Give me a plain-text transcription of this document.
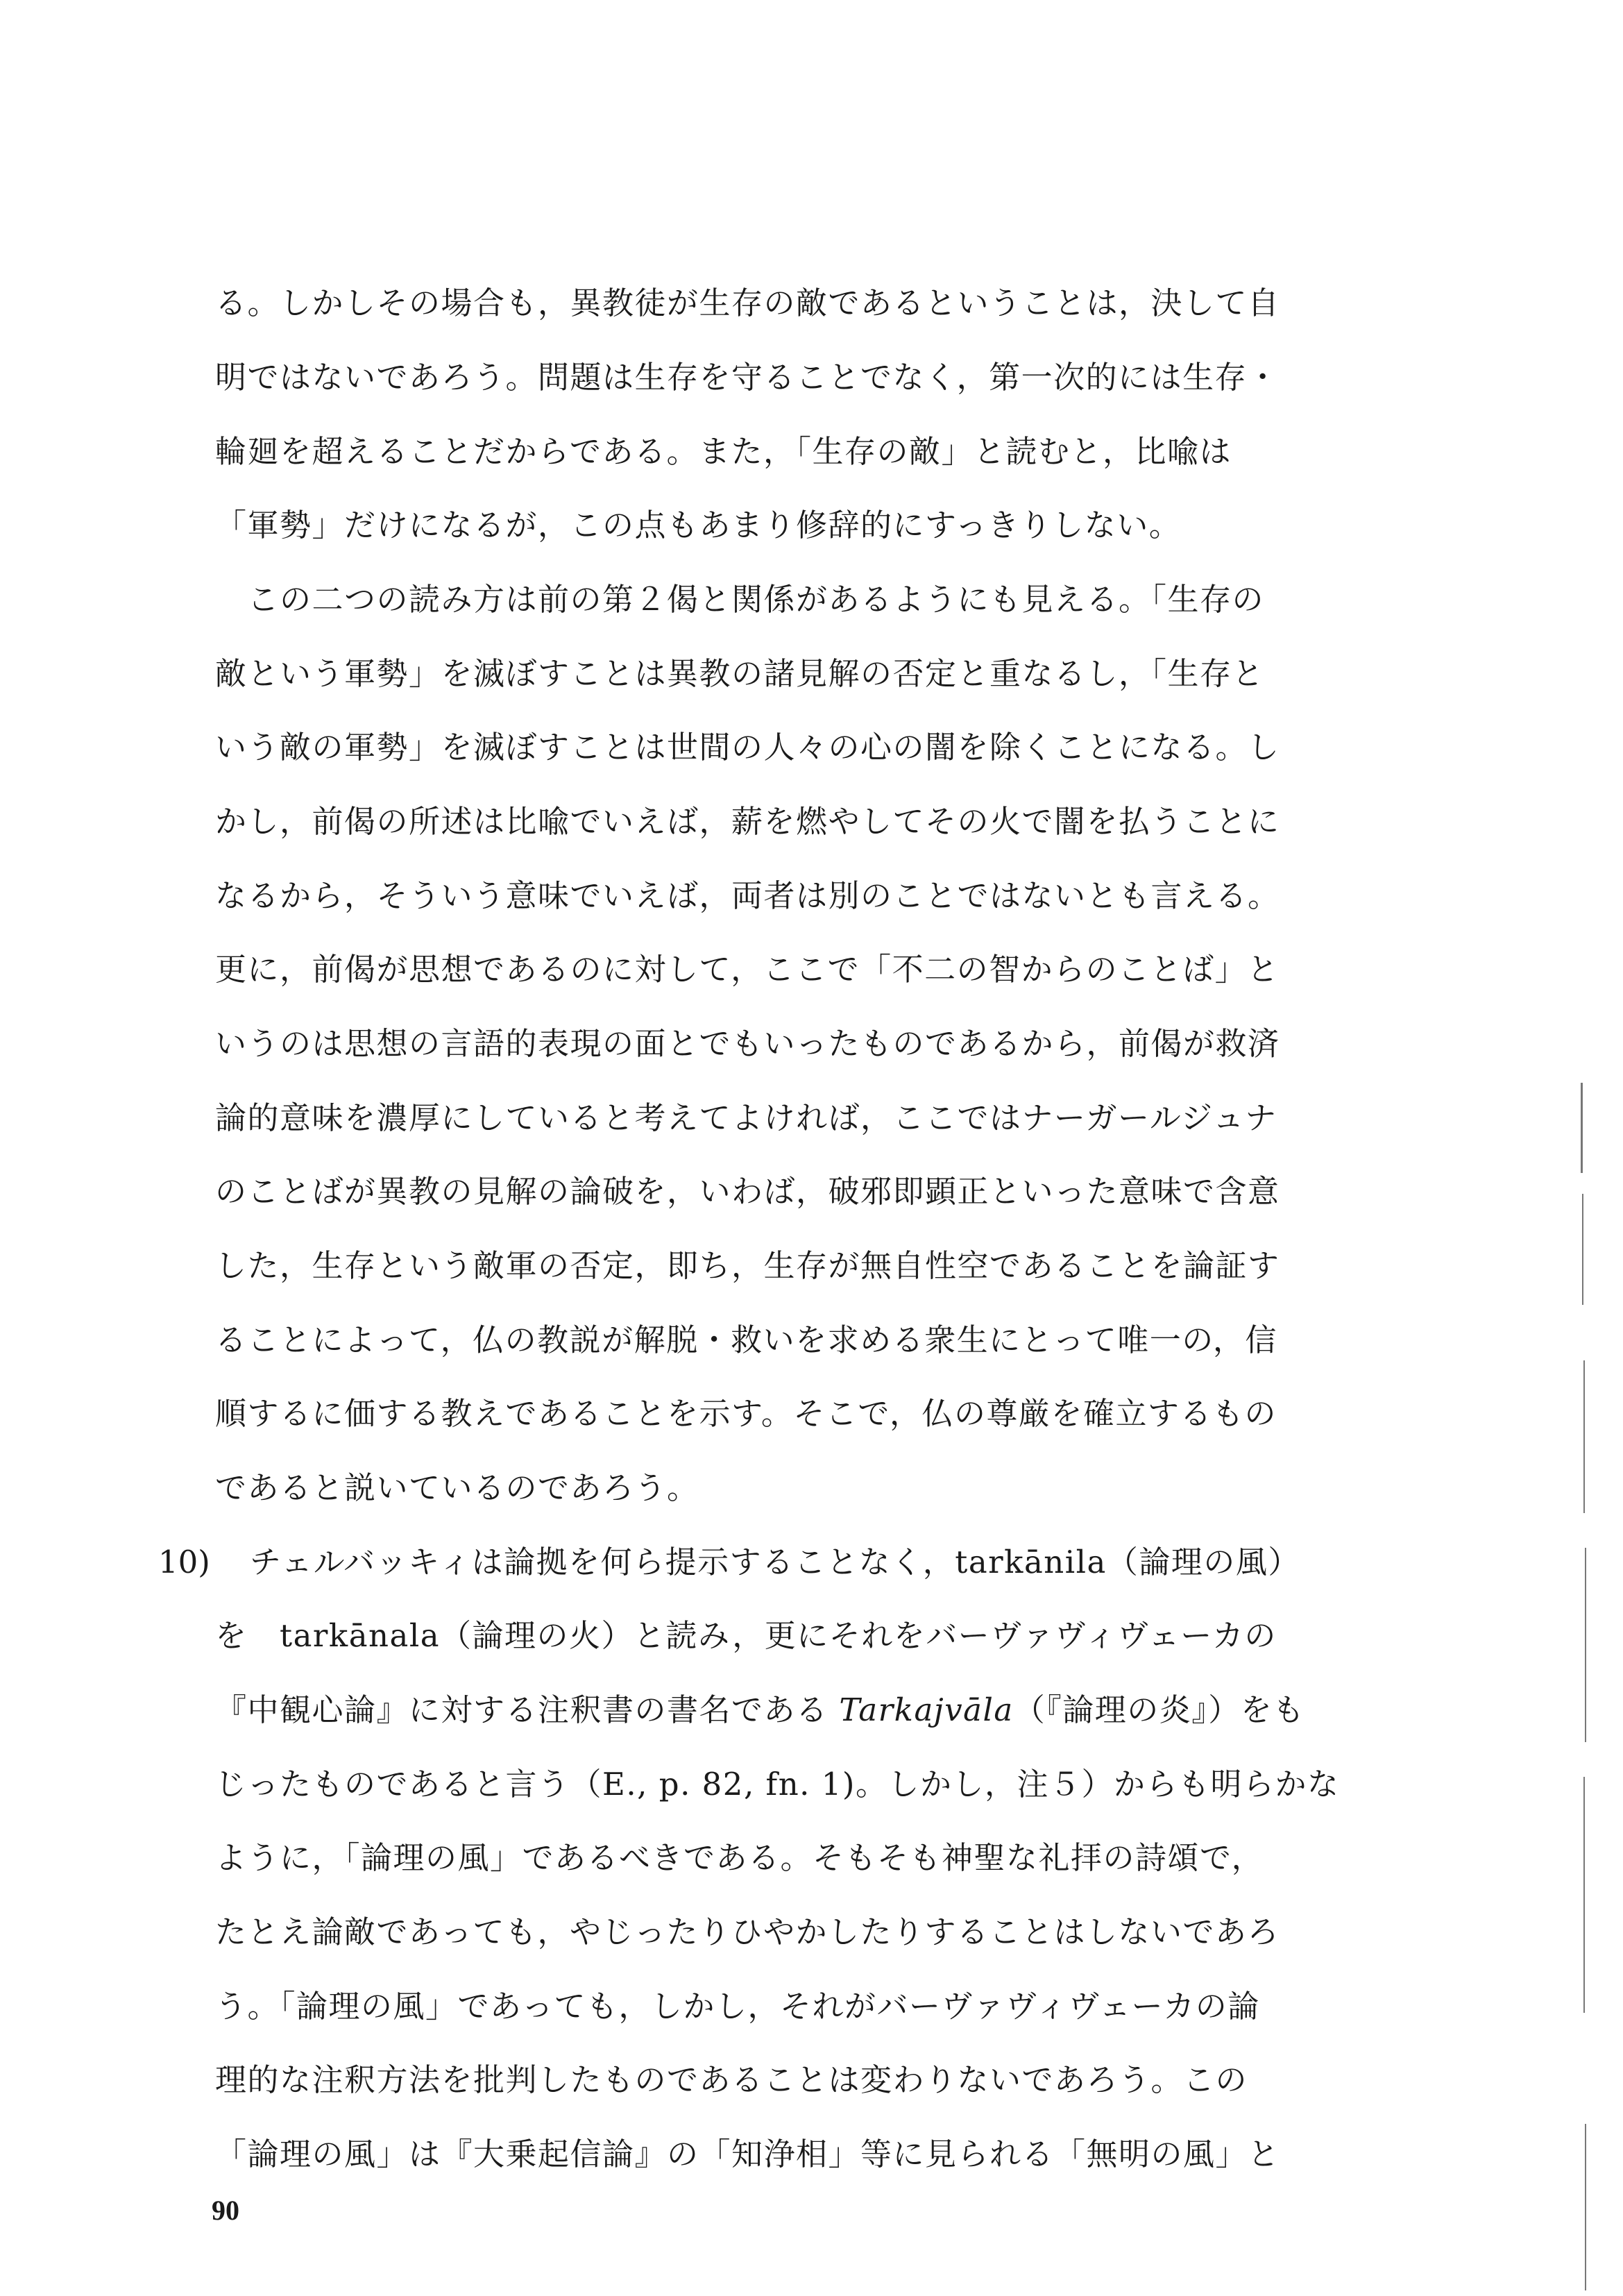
る。しかしその場合も，異教徒が生存の敵であるということは，決して自
明ではないであろう。問題は生存を守ることでなく，第一次的には生存・
輪廻を超えることだからである。また，「生存の敵」と読むと，比喩は
「軍勢」だけになるが，この点もあまり修辞的にすっきりしない。
　この二つの読み方は前の第２偈と関係があるようにも見える。「生存の
敵という軍勢」を滅ぼすことは異教の諸見解の否定と重なるし，「生存と
いう敵の軍勢」を滅ぼすことは世間の人々の心の闇を除くことになる。し
かし，前偈の所述は比喩でいえば，薪を燃やしてその火で闇を払うことに
なるから，そういう意味でいえば，両者は別のことではないとも言える。
更に，前偈が思想であるのに対して，ここで「不二の智からのことば」と
いうのは思想の言語的表現の面とでもいったものであるから，前偈が救済
論的意味を濃厚にしていると考えてよければ，ここではナーガールジュナ
のことばが異教の見解の論破を，いわば，破邪即顕正といった意味で含意
した，生存という敵軍の否定，即ち，生存が無自性空であることを論証す
ることによって，仏の教説が解脱・救いを求める衆生にとって唯一の，信
順するに価する教えであることを示す。そこで，仏の尊厳を確立するもの
であると説いているのであろう。
10) チェルバッキィは論拠を何ら提示することなく，tarkānila（論理の風）
を　tarkānala（論理の火）と読み，更にそれをバーヴァヴィヴェーカの
『中観心論』に対する注釈書の書名である Tarkajvāla（『論理の炎』）をも
じったものであると言う（E., p. 82, fn. 1)。しかし，注５）からも明らかな
ように，「論理の風」であるべきである。そもそも神聖な礼拝の詩頌で，
たとえ論敵であっても，やじったりひやかしたりすることはしないであろ
う。「論理の風」であっても，しかし，それがバーヴァヴィヴェーカの論
理的な注釈方法を批判したものであることは変わりないであろう。この
「論理の風」は『大乗起信論』の「知浄相」等に見られる「無明の風」と
90
